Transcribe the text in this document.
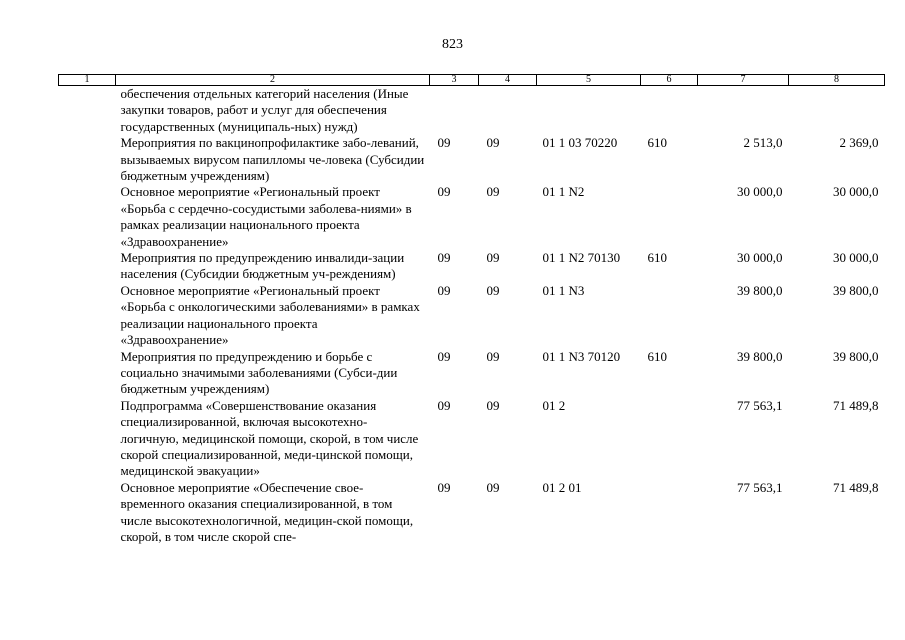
823
1	2	3	4	5	6	7	8
	обеспечения отдельных категорий населения (Иные закупки товаров, работ и услуг для обеспечения государственных (муниципаль-ных) нужд)						
	Мероприятия по вакцинопрофилактике забо-леваний, вызываемых вирусом папилломы че-ловека (Субсидии бюджетным учреждениям)	09	09	01 1 03 70220	610	2 513,0	2 369,0
	Основное мероприятие «Региональный проект «Борьба с сердечно-сосудистыми заболева-ниями» в рамках реализации национального проекта «Здравоохранение»	09	09	01 1 N2		30 000,0	30 000,0
	Мероприятия по предупреждению инвалиди-зации населения (Субсидии бюджетным уч-реждениям)	09	09	01 1 N2 70130	610	30 000,0	30 000,0
	Основное мероприятие «Региональный проект «Борьба с онкологическими заболеваниями» в рамках реализации национального проекта «Здравоохранение»	09	09	01 1 N3		39 800,0	39 800,0
	Мероприятия по предупреждению и борьбе с социально значимыми заболеваниями (Субси-дии бюджетным учреждениям)	09	09	01 1 N3 70120	610	39 800,0	39 800,0
	Подпрограмма «Совершенствование оказания специализированной, включая высокотехно-логичную, медицинской помощи, скорой, в том числе скорой специализированной, меди-цинской помощи, медицинской эвакуации»	09	09	01 2		77 563,1	71 489,8
	Основное мероприятие «Обеспечение свое-временного оказания специализированной, в том числе высокотехнологичной, медицин-ской помощи, скорой, в том числе скорой спе-	09	09	01 2 01		77 563,1	71 489,8
